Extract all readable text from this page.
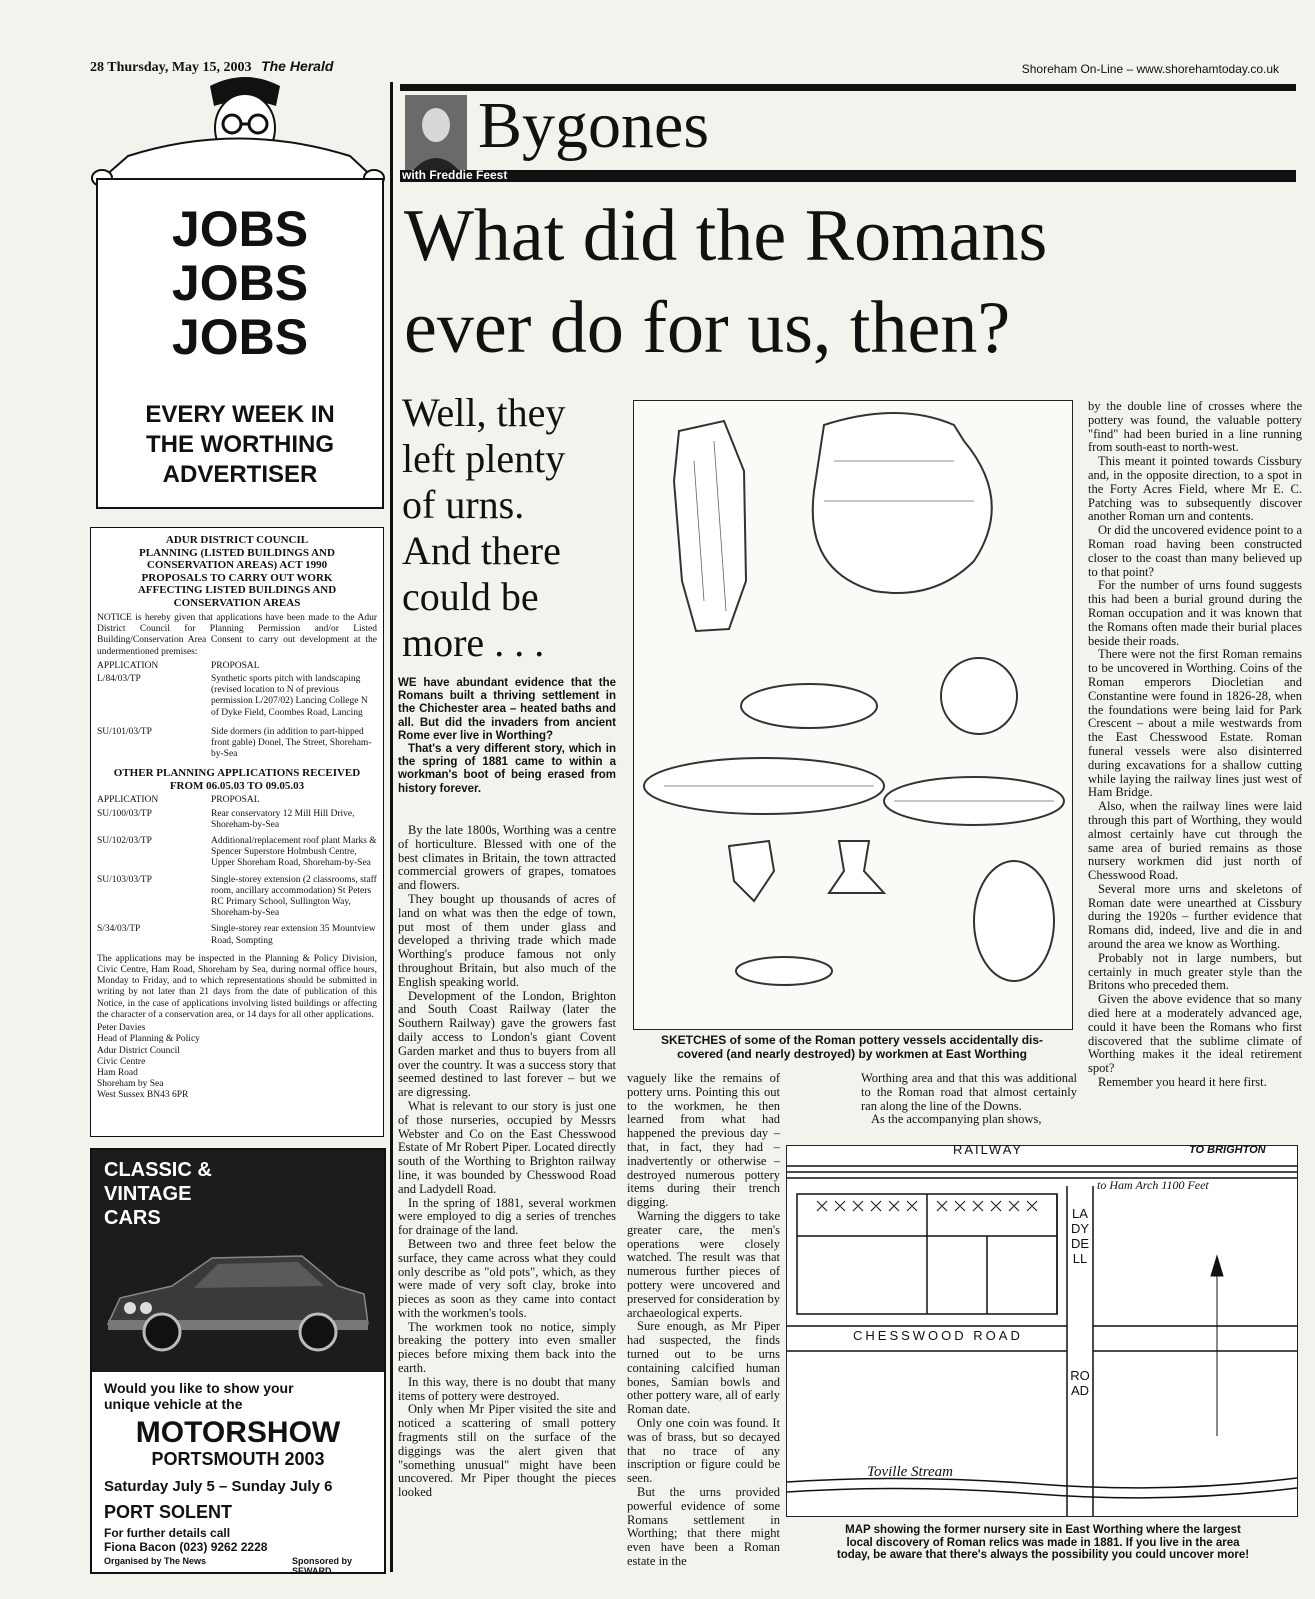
28 Thursday, May 15, 2003 The Herald	Shoreham On-Line – www.shorehamtoday.co.uk
JOBS
JOBS
JOBS
EVERY WEEK IN
THE WORTHING
ADVERTISER
ADUR DISTRICT COUNCIL
PLANNING (LISTED BUILDINGS AND
CONSERVATION AREAS) ACT 1990
PROPOSALS TO CARRY OUT WORK
AFFECTING LISTED BUILDINGS AND
CONSERVATION AREAS
NOTICE is hereby given that applications have been made to the Adur District Council for Planning Permission and/or Listed Building/Conservation Area Consent to carry out development at the undermentioned premises:
APPLICATION	PROPOSAL
L/84/03/TP	Synthetic sports pitch with landscaping (revised location to N of previous permission L/207/02) Lancing College N of Dyke Field, Coombes Road, Lancing
SU/101/03/TP	Side dormers (in addition to part-hipped front gable) Donel, The Street, Shoreham-by-Sea
OTHER PLANNING APPLICATIONS RECEIVED
FROM 06.05.03 TO 09.05.03
APPLICATION	PROPOSAL
SU/100/03/TP	Rear conservatory 12 Mill Hill Drive, Shoreham-by-Sea
SU/102/03/TP	Additional/replacement roof plant Marks & Spencer Superstore Holmbush Centre, Upper Shoreham Road, Shoreham-by-Sea
SU/103/03/TP	Single-storey extension (2 classrooms, staff room, ancillary accommodation) St Peters RC Primary School, Sullington Way, Shoreham-by-Sea
S/34/03/TP	Single-storey rear extension 35 Mountview Road, Sompting
The applications may be inspected in the Planning & Policy Division, Civic Centre, Ham Road, Shoreham by Sea, during normal office hours, Monday to Friday, and to which representations should be submitted in writing by not later than 21 days from the date of publication of this Notice, in the case of applications involving listed buildings or affecting the character of a conservation area, or 14 days for all other applications.
Peter Davies
Head of Planning & Policy
Adur District Council
Civic Centre
Ham Road
Shoreham by Sea
West Sussex BN43 6PR
CLASSIC &
VINTAGE
CARS
Would you like to show your
unique vehicle at the
MOTORSHOW
PORTSMOUTH 2003
Saturday July 5 – Sunday July 6
PORT SOLENT
For further details call
Fiona Bacon (023) 9262 2228
Organised by The News	Sponsored by SEWARD
Bygones
with Freddie Feest
What did the Romans
ever do for us, then?
Well, they
left plenty
of urns.
And there
could be
more . . .

WE have abundant evidence that the Romans built a thriving settlement in the Chichester area – heated baths and all. But did the invaders from ancient Rome ever live in Worthing?

That's a very different story, which in the spring of 1881 came to within a workman's boot of being erased from history forever.

By the late 1800s, Worthing was a centre of horticulture. Blessed with one of the best climates in Britain, the town attracted commercial growers of grapes, tomatoes and flowers.

They bought up thousands of acres of land on what was then the edge of town, put most of them under glass and developed a thriving trade which made Worthing's produce famous not only throughout Britain, but also much of the English speaking world.

Development of the London, Brighton and South Coast Railway (later the Southern Railway) gave the growers fast daily access to London's giant Covent Garden market and thus to buyers from all over the country. It was a success story that seemed destined to last forever – but we are digressing.

What is relevant to our story is just one of those nurseries, occupied by Messrs Webster and Co on the East Chesswood Estate of Mr Robert Piper. Located directly south of the Worthing to Brighton railway line, it was bounded by Chesswood Road and Ladydell Road.

In the spring of 1881, several workmen were employed to dig a series of trenches for drainage of the land.

Between two and three feet below the surface, they came across what they could only describe as "old pots", which, as they were made of very soft clay, broke into pieces as soon as they came into contact with the workmen's tools.

The workmen took no notice, simply breaking the pottery into even smaller pieces before mixing them back into the earth.

In this way, there is no doubt that many items of pottery were destroyed.

Only when Mr Piper visited the site and noticed a scattering of small pottery fragments still on the surface of the diggings was the alert given that "something unusual" might have been uncovered. Mr Piper thought the pieces looked

SKETCHES of some of the Roman pottery vessels accidentally dis-
covered (and nearly destroyed) by workmen at East Worthing

vaguely like the remains of pottery urns. Pointing this out to the workmen, he then learned from what had happened the previous day – that, in fact, they had – inadvertently or otherwise – destroyed numerous pottery items during their trench digging.

Warning the diggers to take greater care, the men's operations were closely watched. The result was that numerous further pieces of pottery were uncovered and preserved for consideration by archaeological experts.

Sure enough, as Mr Piper had suspected, the finds turned out to be urns containing calcified human bones, Samian bowls and other pottery ware, all of early Roman date.

Only one coin was found. It was of brass, but so decayed that no trace of any inscription or figure could be seen.

But the urns provided powerful evidence of some Romans settlement in Worthing; that there might even have been a Roman estate in the

Worthing area and that this was additional to the Roman road that almost certainly ran along the line of the Downs.

As the accompanying plan shows,

by the double line of crosses where the pottery was found, the valuable pottery "find" had been buried in a line running from south-east to north-west.

This meant it pointed towards Cissbury and, in the opposite direction, to a spot in the Forty Acres Field, where Mr E. C. Patching was to subsequently discover another Roman urn and contents.

Or did the uncovered evidence point to a Roman road having been constructed closer to the coast than many believed up to that point?

For the number of urns found suggests this had been a burial ground during the Roman occupation and it was known that the Romans often made their burial places beside their roads.

There were not the first Roman remains to be uncovered in Worthing. Coins of the Roman emperors Diocletian and Constantine were found in 1826-28, when the foundations were being laid for Park Crescent – about a mile westwards from the East Chesswood Estate. Roman funeral vessels were also disinterred during excavations for a shallow cutting while laying the railway lines just west of Ham Bridge.

Also, when the railway lines were laid through this part of Worthing, they would almost certainly have cut through the same area of buried remains as those nursery workmen did just north of Chesswood Road.

Several more urns and skeletons of Roman date were unearthed at Cissbury during the 1920s – further evidence that Romans did, indeed, live and die in and around the area we know as Worthing.

Probably not in large numbers, but certainly in much greater style than the Britons who preceded them.

Given the above evidence that so many died here at a moderately advanced age, could it have been the Romans who first discovered that the sublime climate of Worthing makes it the ideal retirement spot?

Remember you heard it here first.

RAILWAY	TO BRIGHTON
to Ham Arch 1100 Feet
CHESSWOOD ROAD
LADYDELL
ROAD
Toville Stream
MAP showing the former nursery site in East Worthing where the largest
local discovery of Roman relics was made in 1881. If you live in the area
today, be aware that there's always the possibility you could uncover more!
